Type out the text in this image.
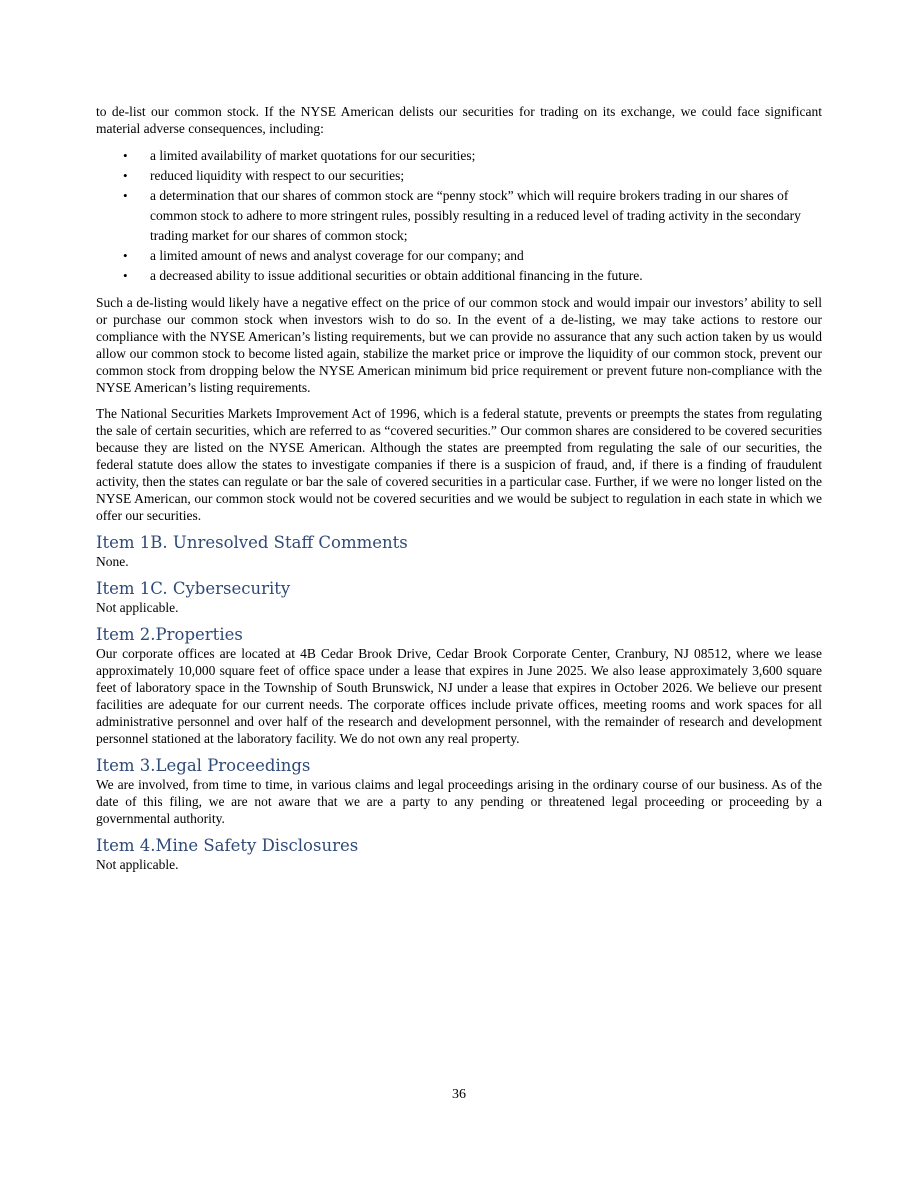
to de-list our common stock. If the NYSE American delists our securities for trading on its exchange, we could face significant material adverse consequences, including:

• a limited availability of market quotations for our securities;
• reduced liquidity with respect to our securities;
• a determination that our shares of common stock are “penny stock” which will require brokers trading in our shares of common stock to adhere to more stringent rules, possibly resulting in a reduced level of trading activity in the secondary trading market for our shares of common stock;
• a limited amount of news and analyst coverage for our company; and
• a decreased ability to issue additional securities or obtain additional financing in the future.

Such a de-listing would likely have a negative effect on the price of our common stock and would impair our investors’ ability to sell or purchase our common stock when investors wish to do so. In the event of a de-listing, we may take actions to restore our compliance with the NYSE American’s listing requirements, but we can provide no assurance that any such action taken by us would allow our common stock to become listed again, stabilize the market price or improve the liquidity of our common stock, prevent our common stock from dropping below the NYSE American minimum bid price requirement or prevent future non-compliance with the NYSE American’s listing requirements.

The National Securities Markets Improvement Act of 1996, which is a federal statute, prevents or preempts the states from regulating the sale of certain securities, which are referred to as “covered securities.” Our common shares are considered to be covered securities because they are listed on the NYSE American. Although the states are preempted from regulating the sale of our securities, the federal statute does allow the states to investigate companies if there is a suspicion of fraud, and, if there is a finding of fraudulent activity, then the states can regulate or bar the sale of covered securities in a particular case. Further, if we were no longer listed on the NYSE American, our common stock would not be covered securities and we would be subject to regulation in each state in which we offer our securities.

Item 1B. Unresolved Staff Comments

None.

Item 1C. Cybersecurity

Not applicable.

Item 2.Properties

Our corporate offices are located at 4B Cedar Brook Drive, Cedar Brook Corporate Center, Cranbury, NJ 08512, where we lease approximately 10,000 square feet of office space under a lease that expires in June 2025. We also lease approximately 3,600 square feet of laboratory space in the Township of South Brunswick, NJ under a lease that expires in October 2026. We believe our present facilities are adequate for our current needs. The corporate offices include private offices, meeting rooms and work spaces for all administrative personnel and over half of the research and development personnel, with the remainder of research and development personnel stationed at the laboratory facility. We do not own any real property.

Item 3.Legal Proceedings

We are involved, from time to time, in various claims and legal proceedings arising in the ordinary course of our business. As of the date of this filing, we are not aware that we are a party to any pending or threatened legal proceeding or proceeding by a governmental authority.

Item 4.Mine Safety Disclosures

Not applicable.

36
